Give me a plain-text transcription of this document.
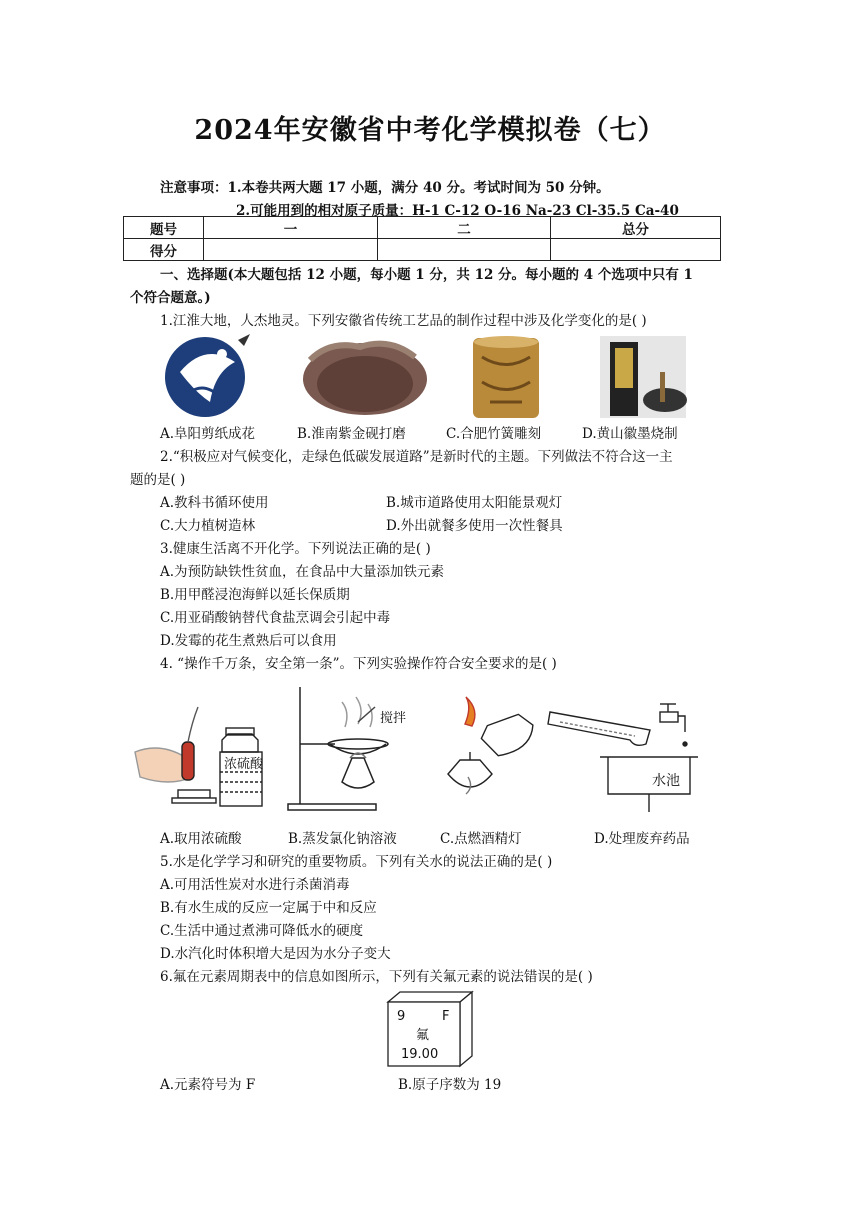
2024年安徽省中考化学模拟卷（七）
注意事项：1.本卷共两大题 17 小题，满分 40 分。考试时间为 50 分钟。
2.可能用到的相对原子质量：H-1 C-12 O-16 Na-23 Cl-35.5 Ca-40
题号	一	二	总分
得分			
一、选择题(本大题包括 12 小题，每小题 1 分，共 12 分。每小题的 4 个选项中只有 1
个符合题意。)
1.江淮大地，人杰地灵。下列安徽省传统工艺品的制作过程中涉及化学变化的是( )
A.阜阳剪纸成花	B.淮南紫金砚打磨	C.合肥竹簧雕刻	D.黄山徽墨烧制
2.“积极应对气候变化，走绿色低碳发展道路”是新时代的主题。下列做法不符合这一主
题的是( )
A.教科书循环使用	B.城市道路使用太阳能景观灯
C.大力植树造林	D.外出就餐多使用一次性餐具
3.健康生活离不开化学。下列说法正确的是( )
A.为预防缺铁性贫血，在食品中大量添加铁元素
B.用甲醛浸泡海鲜以延长保质期
C.用亚硝酸钠替代食盐烹调会引起中毒
D.发霉的花生煮熟后可以食用
4. “操作千万条，安全第一条”。下列实验操作符合安全要求的是( )
浓硫酸
搅拌
水池
A.取用浓硫酸	B.蒸发氯化钠溶液	C.点燃酒精灯	D.处理废弃药品
5.水是化学学习和研究的重要物质。下列有关水的说法正确的是( )
A.可用活性炭对水进行杀菌消毒
B.有水生成的反应一定属于中和反应
C.生活中通过煮沸可降低水的硬度
D.水汽化时体积增大是因为水分子变大
6.氟在元素周期表中的信息如图所示，下列有关氟元素的说法错误的是( )
9	F
氟
19.00
A.元素符号为 F	B.原子序数为 19
